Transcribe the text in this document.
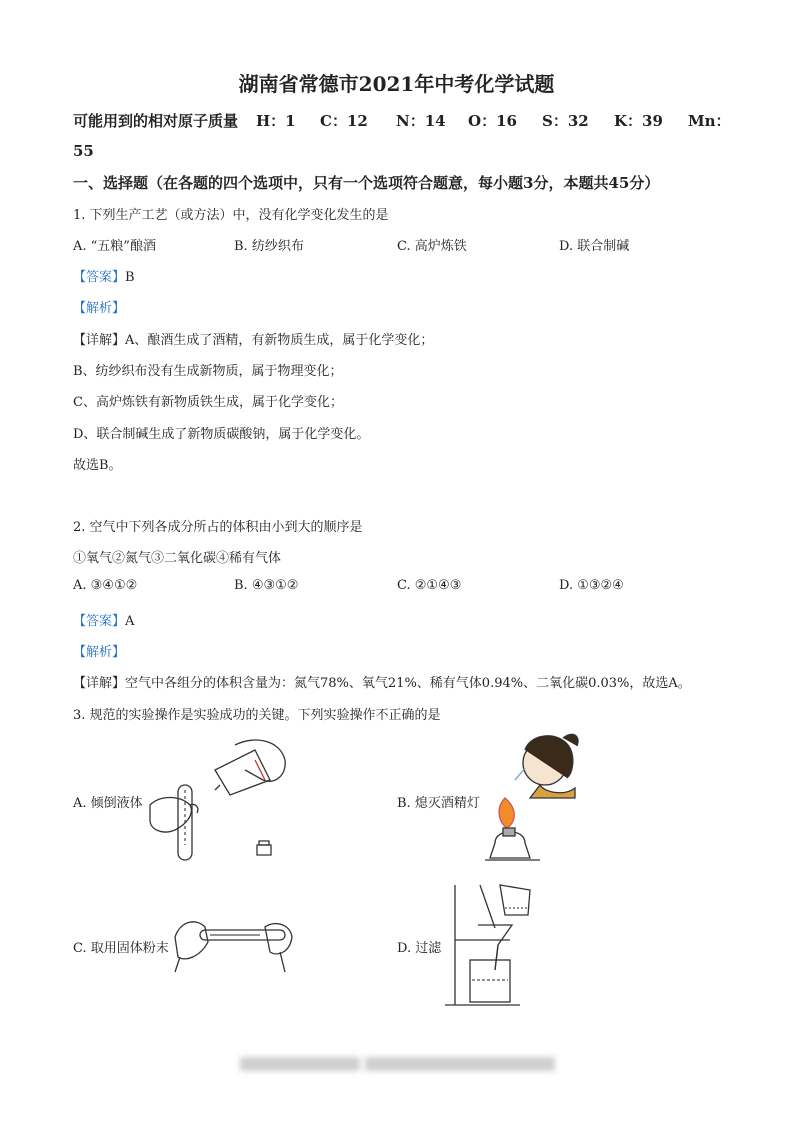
湖南省常德市2021年中考化学试题
可能用到的相对原子质量 H：1 C：12 N：14 O：16 S：32 K：39 Mn：
55
一、选择题（在各题的四个选项中，只有一个选项符合题意，每小题3分，本题共45分）
1. 下列生产工艺（或方法）中，没有化学变化发生的是
A. “五粮”酿酒	B. 纺纱织布	C. 高炉炼铁	D. 联合制碱
【答案】B
【解析】
【详解】A、酿酒生成了酒精，有新物质生成，属于化学变化；
B、纺纱织布没有生成新物质，属于物理变化；
C、高炉炼铁有新物质铁生成，属于化学变化；
D、联合制碱生成了新物质碳酸钠，属于化学变化。
故选B。
2. 空气中下列各成分所占的体积由小到大的顺序是
①氧气②氮气③二氧化碳④稀有气体
A. ③④①②	B. ④③①②	C. ②①④③	D. ①③②④
【答案】A
【解析】
【详解】空气中各组分的体积含量为：氮气78%、氧气21%、稀有气体0.94%、二氧化碳0.03%，故选A。
3. 规范的实验操作是实验成功的关键。下列实验操作不正确的是
A. 倾倒液体	B. 熄灭酒精灯
C. 取用固体粉末	D. 过滤
